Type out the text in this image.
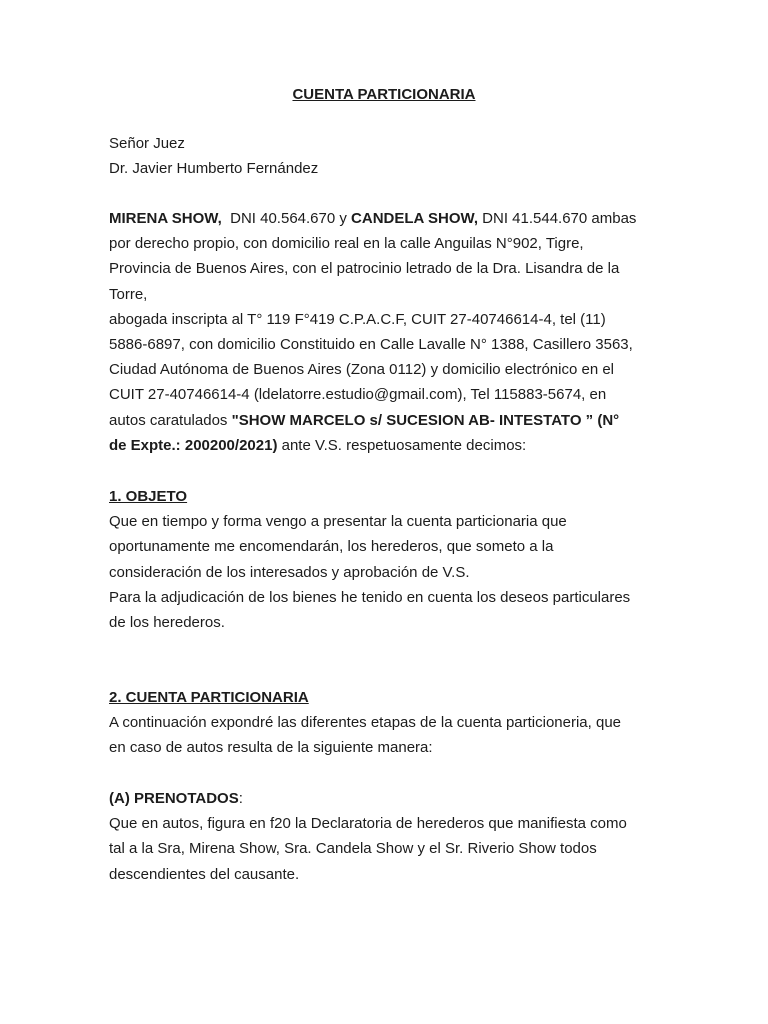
CUENTA PARTICIONARIA
Señor Juez
Dr. Javier Humberto Fernández
MIRENA SHOW, DNI 40.564.670 y CANDELA SHOW, DNI 41.544.670 ambas
por derecho propio, con domicilio real en la calle Anguilas N°902, Tigre,
Provincia de Buenos Aires, con el patrocinio letrado de la Dra. Lisandra de la
Torre,
abogada inscripta al T° 119 F°419 C.P.A.C.F, CUIT 27-40746614-4, tel (11)
5886-6897, con domicilio Constituido en Calle Lavalle N° 1388, Casillero 3563,
Ciudad Autónoma de Buenos Aires (Zona 0112) y domicilio electrónico en el
CUIT 27-40746614-4 (ldelatorre.estudio@gmail.com), Tel 115883-5674, en
autos caratulados "SHOW MARCELO s/ SUCESION AB- INTESTATO ” (N°
de Expte.: 200200/2021) ante V.S. respetuosamente decimos:
1. OBJETO
Que en tiempo y forma vengo a presentar la cuenta particionaria que
oportunamente me encomendarán, los herederos, que someto a la
consideración de los interesados y aprobación de V.S.
Para la adjudicación de los bienes he tenido en cuenta los deseos particulares
de los herederos.
2. CUENTA PARTICIONARIA
A continuación expondré las diferentes etapas de la cuenta particioneria, que
en caso de autos resulta de la siguiente manera:
(A) PRENOTADOS:
Que en autos, figura en f20 la Declaratoria de herederos que manifiesta como
tal a la Sra, Mirena Show, Sra. Candela Show y el Sr. Riverio Show todos
descendientes del causante.
